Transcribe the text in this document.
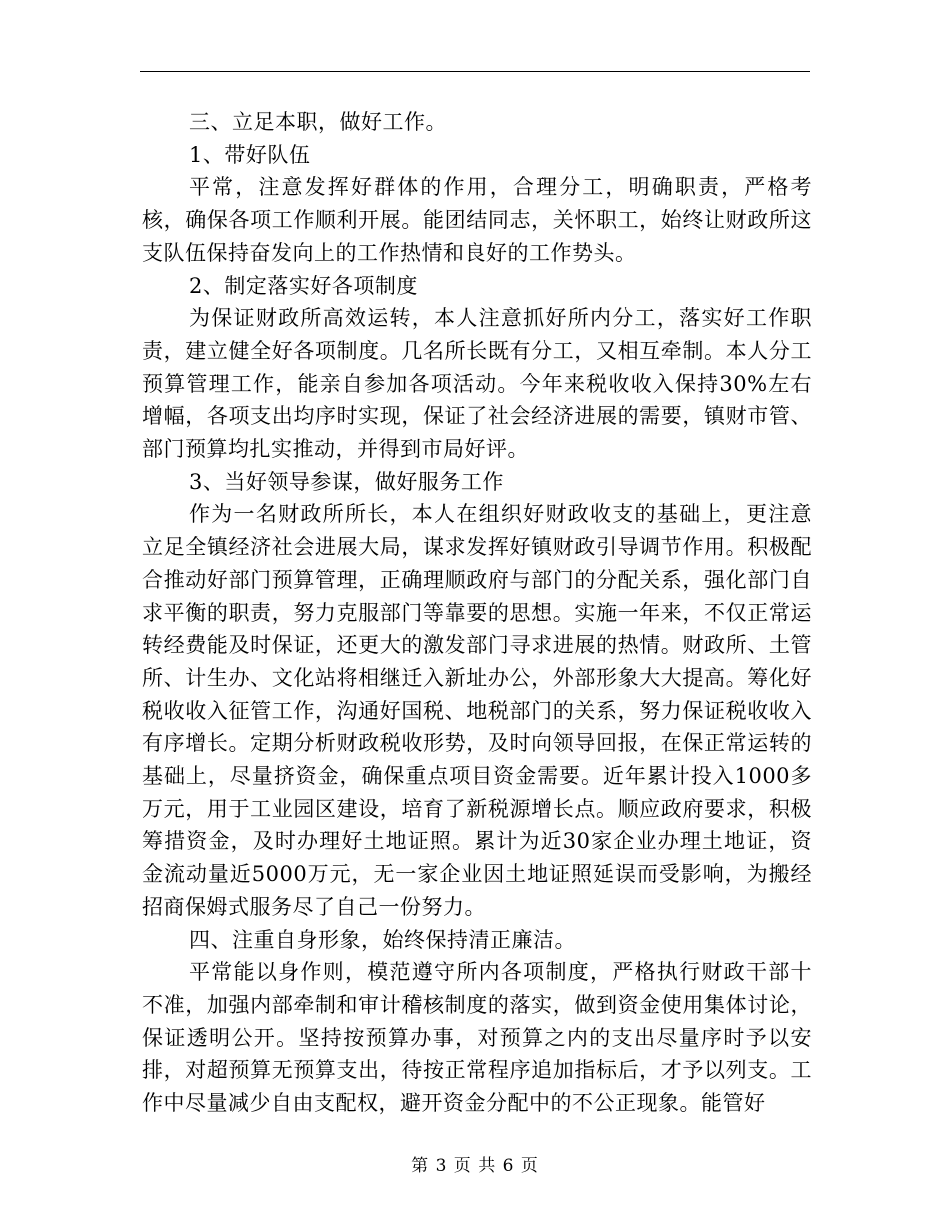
三、立足本职，做好工作。

1、带好队伍

平常，注意发挥好群体的作用，合理分工，明确职责，严格考核，确保各项工作顺利开展。能团结同志，关怀职工，始终让财政所这支队伍保持奋发向上的工作热情和良好的工作势头。

2、制定落实好各项制度

为保证财政所高效运转，本人注意抓好所内分工，落实好工作职责，建立健全好各项制度。几名所长既有分工，又相互牵制。本人分工预算管理工作，能亲自参加各项活动。今年来税收收入保持30%左右增幅，各项支出均序时实现，保证了社会经济进展的需要，镇财市管、部门预算均扎实推动，并得到市局好评。

3、当好领导参谋，做好服务工作

作为一名财政所所长，本人在组织好财政收支的基础上，更注意立足全镇经济社会进展大局，谋求发挥好镇财政引导调节作用。积极配合推动好部门预算管理，正确理顺政府与部门的分配关系，强化部门自求平衡的职责，努力克服部门等靠要的思想。实施一年来，不仅正常运转经费能及时保证，还更大的激发部门寻求进展的热情。财政所、土管所、计生办、文化站将相继迁入新址办公，外部形象大大提高。筹化好税收收入征管工作，沟通好国税、地税部门的关系，努力保证税收收入有序增长。定期分析财政税收形势，及时向领导回报，在保正常运转的基础上，尽量挤资金，确保重点项目资金需要。近年累计投入1000多万元，用于工业园区建设，培育了新税源增长点。顺应政府要求，积极筹措资金，及时办理好土地证照。累计为近30家企业办理土地证，资金流动量近5000万元，无一家企业因土地证照延误而受影响，为搬经招商保姆式服务尽了自己一份努力。

四、注重自身形象，始终保持清正廉洁。

平常能以身作则，模范遵守所内各项制度，严格执行财政干部十不准，加强内部牵制和审计稽核制度的落实，做到资金使用集体讨论，保证透明公开。坚持按预算办事，对预算之内的支出尽量序时予以安排，对超预算无预算支出，待按正常程序追加指标后，才予以列支。工作中尽量减少自由支配权，避开资金分配中的不公正现象。能管好

第 3 页 共 6 页
